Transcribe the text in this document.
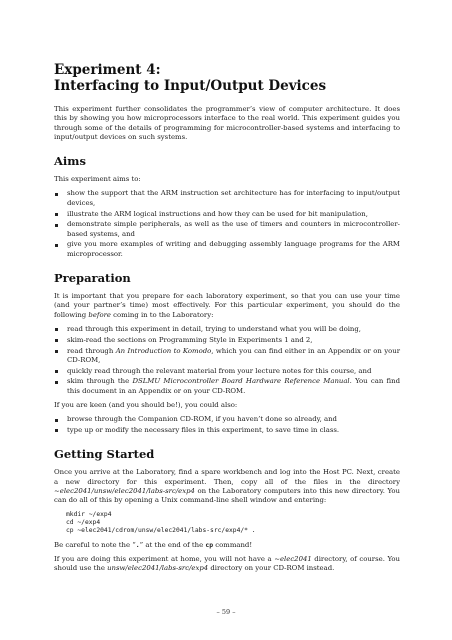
Experiment 4:
Interfacing to Input/Output Devices

This experiment further consolidates the programmer’s view of computer architecture. It does this by showing you how microprocessors interface to the real world. This experiment guides you through some of the details of programming for microcontroller-based systems and interfacing to input/output devices on such systems.

Aims

This experiment aims to:

show the support that the ARM instruction set architecture has for interfacing to input/output devices,
illustrate the ARM logical instructions and how they can be used for bit manipulation,
demonstrate simple peripherals, as well as the use of timers and counters in microcontroller-based systems, and
give you more examples of writing and debugging assembly language programs for the ARM microprocessor.
Preparation

It is important that you prepare for each laboratory experiment, so that you can use your time (and your partner’s time) most effectively. For this particular experiment, you should do the following before coming in to the Laboratory:

read through this experiment in detail, trying to understand what you will be doing,
skim-read the sections on Programming Style in Experiments 1 and 2,
read through An Introduction to Komodo, which you can find either in an Appendix or on your CD-ROM,
quickly read through the relevant material from your lecture notes for this course, and
skim through the DSLMU Microcontroller Board Hardware Reference Manual. You can find this document in an Appendix or on your CD-ROM.

If you are keen (and you should be!), you could also:

browse through the Companion CD-ROM, if you haven’t done so already, and
type up or modify the necessary files in this experiment, to save time in class.
Getting Started

Once you arrive at the Laboratory, find a spare workbench and log into the Host PC. Next, create a new directory for this experiment. Then, copy all of the files in the directory ~elec2041/unsw/elec2041/labs-src/exp4 on the Laboratory computers into this new directory. You can do all of this by opening a Unix command-line shell window and entering:

mkdir ~/exp4
cd ~/exp4
cp ~elec2041/cdrom/unsw/elec2041/labs-src/exp4/* .

Be careful to note the “.” at the end of the cp command!

If you are doing this experiment at home, you will not have a ~elec2041 directory, of course. You should use the unsw/elec2041/labs-src/exp4 directory on your CD-ROM instead.

– 59 –
